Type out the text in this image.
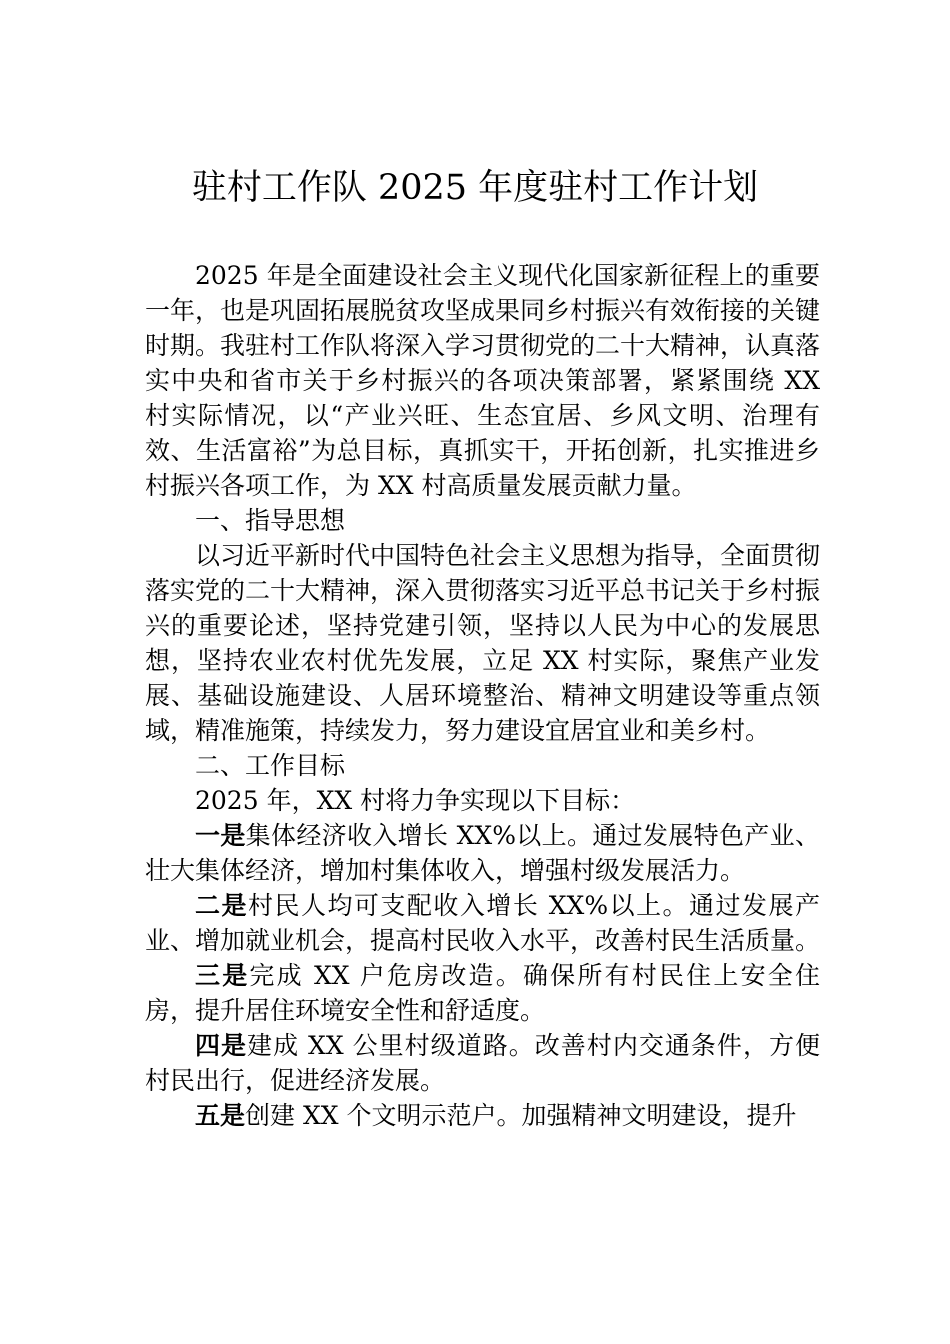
驻村工作队 2025 年度驻村工作计划

2025 年是全面建设社会主义现代化国家新征程上的重要一年，也是巩固拓展脱贫攻坚成果同乡村振兴有效衔接的关键时期。我驻村工作队将深入学习贯彻党的二十大精神，认真落实中央和省市关于乡村振兴的各项决策部署，紧紧围绕 XX 村实际情况，以“产业兴旺、生态宜居、乡风文明、治理有效、生活富裕”为总目标，真抓实干，开拓创新，扎实推进乡村振兴各项工作，为 XX 村高质量发展贡献力量。

一、指导思想

以习近平新时代中国特色社会主义思想为指导，全面贯彻落实党的二十大精神，深入贯彻落实习近平总书记关于乡村振兴的重要论述，坚持党建引领，坚持以人民为中心的发展思想，坚持农业农村优先发展，立足 XX 村实际，聚焦产业发展、基础设施建设、人居环境整治、精神文明建设等重点领域，精准施策，持续发力，努力建设宜居宜业和美乡村。

二、工作目标

2025 年，XX 村将力争实现以下目标：

一是集体经济收入增长 XX%以上。通过发展特色产业、壮大集体经济，增加村集体收入，增强村级发展活力。

二是村民人均可支配收入增长 XX%以上。通过发展产业、增加就业机会，提高村民收入水平，改善村民生活质量。

三是完成 XX 户危房改造。确保所有村民住上安全住房，提升居住环境安全性和舒适度。

四是建成 XX 公里村级道路。改善村内交通条件，方便村民出行，促进经济发展。

五是创建 XX 个文明示范户。加强精神文明建设，提升
